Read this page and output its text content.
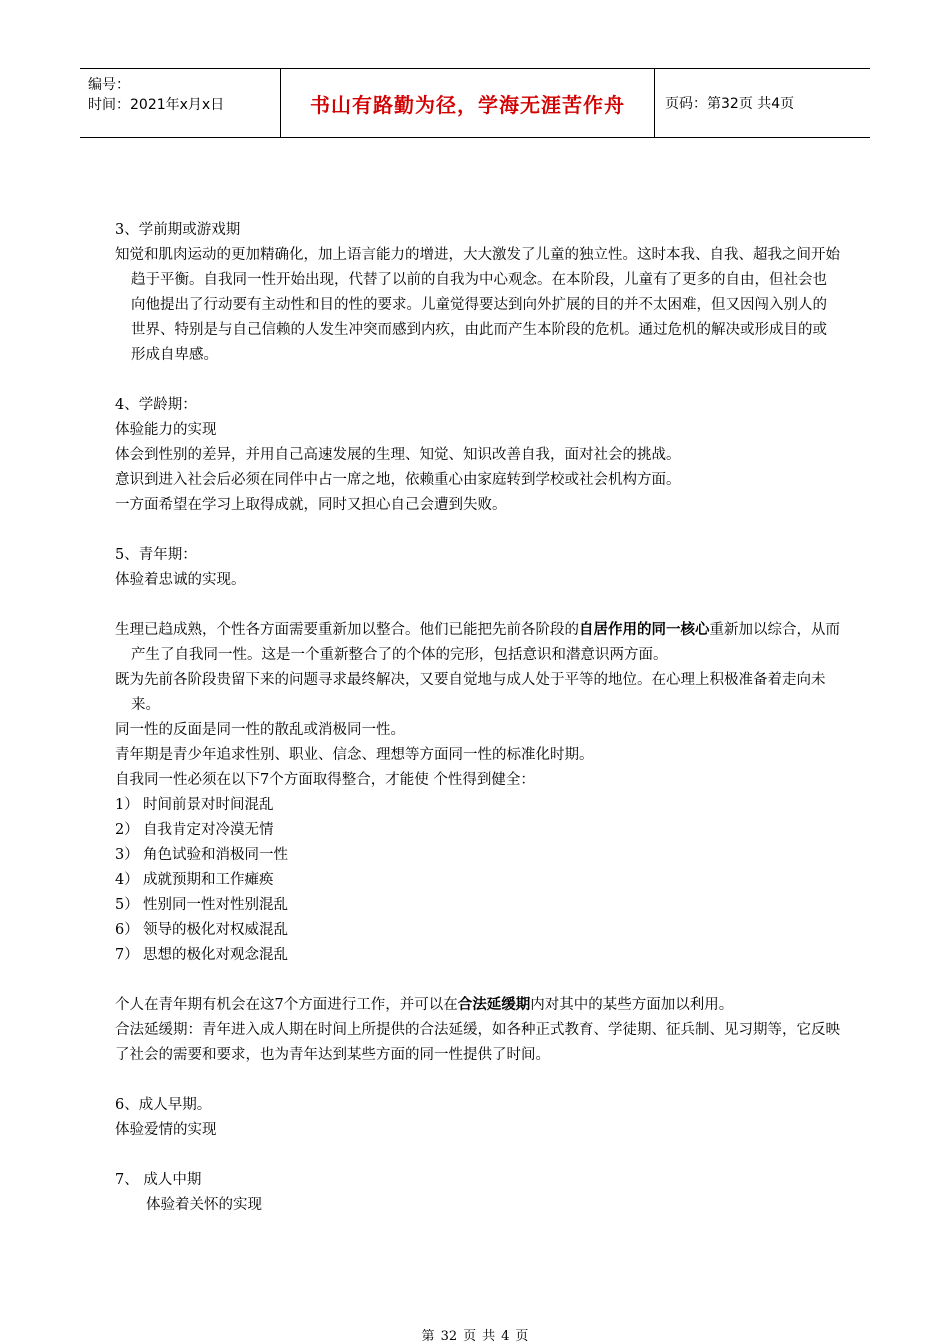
编号：
时间：2021年x月x日	书山有路勤为径，学海无涯苦作舟	页码：第32页 共4页

3、学前期或游戏期

知觉和肌肉运动的更加精确化，加上语言能力的增进，大大激发了儿童的独立性。这时本我、自我、超我之间开始趋于平衡。自我同一性开始出现，代替了以前的自我为中心观念。在本阶段，儿童有了更多的自由，但社会也向他提出了行动要有主动性和目的性的要求。儿童觉得要达到向外扩展的目的并不太困难，但又因闯入别人的世界、特别是与自己信赖的人发生冲突而感到内疚，由此而产生本阶段的危机。通过危机的解决或形成目的或形成自卑感。

4、学龄期：

体验能力的实现

体会到性别的差异，并用自己高速发展的生理、知觉、知识改善自我，面对社会的挑战。

意识到进入社会后必须在同伴中占一席之地，依赖重心由家庭转到学校或社会机构方面。

一方面希望在学习上取得成就，同时又担心自己会遭到失败。

5、青年期：

体验着忠诚的实现。

生理已趋成熟，个性各方面需要重新加以整合。他们已能把先前各阶段的自居作用的同一核心重新加以综合，从而产生了自我同一性。这是一个重新整合了的个体的完形，包括意识和潜意识两方面。

既为先前各阶段贵留下来的问题寻求最终解决，又要自觉地与成人处于平等的地位。在心理上积极准备着走向未来。

同一性的反面是同一性的散乱或消极同一性。

青年期是青少年追求性别、职业、信念、理想等方面同一性的标准化时期。

自我同一性必须在以下7个方面取得整合，才能使 个性得到健全：

1） 时间前景对时间混乱

2） 自我肯定对冷漠无情

3） 角色试验和消极同一性

4） 成就预期和工作瘫痪

5） 性别同一性对性别混乱

6） 领导的极化对权威混乱

7） 思想的极化对观念混乱

个人在青年期有机会在这7个方面进行工作，并可以在合法延缓期内对其中的某些方面加以利用。

合法延缓期：青年进入成人期在时间上所提供的合法延缓，如各种正式教育、学徒期、征兵制、见习期等，它反映了社会的需要和要求，也为青年达到某些方面的同一性提供了时间。

6、成人早期。

体验爱情的实现

7、 成人中期

体验着关怀的实现

第 32 页 共 4 页
